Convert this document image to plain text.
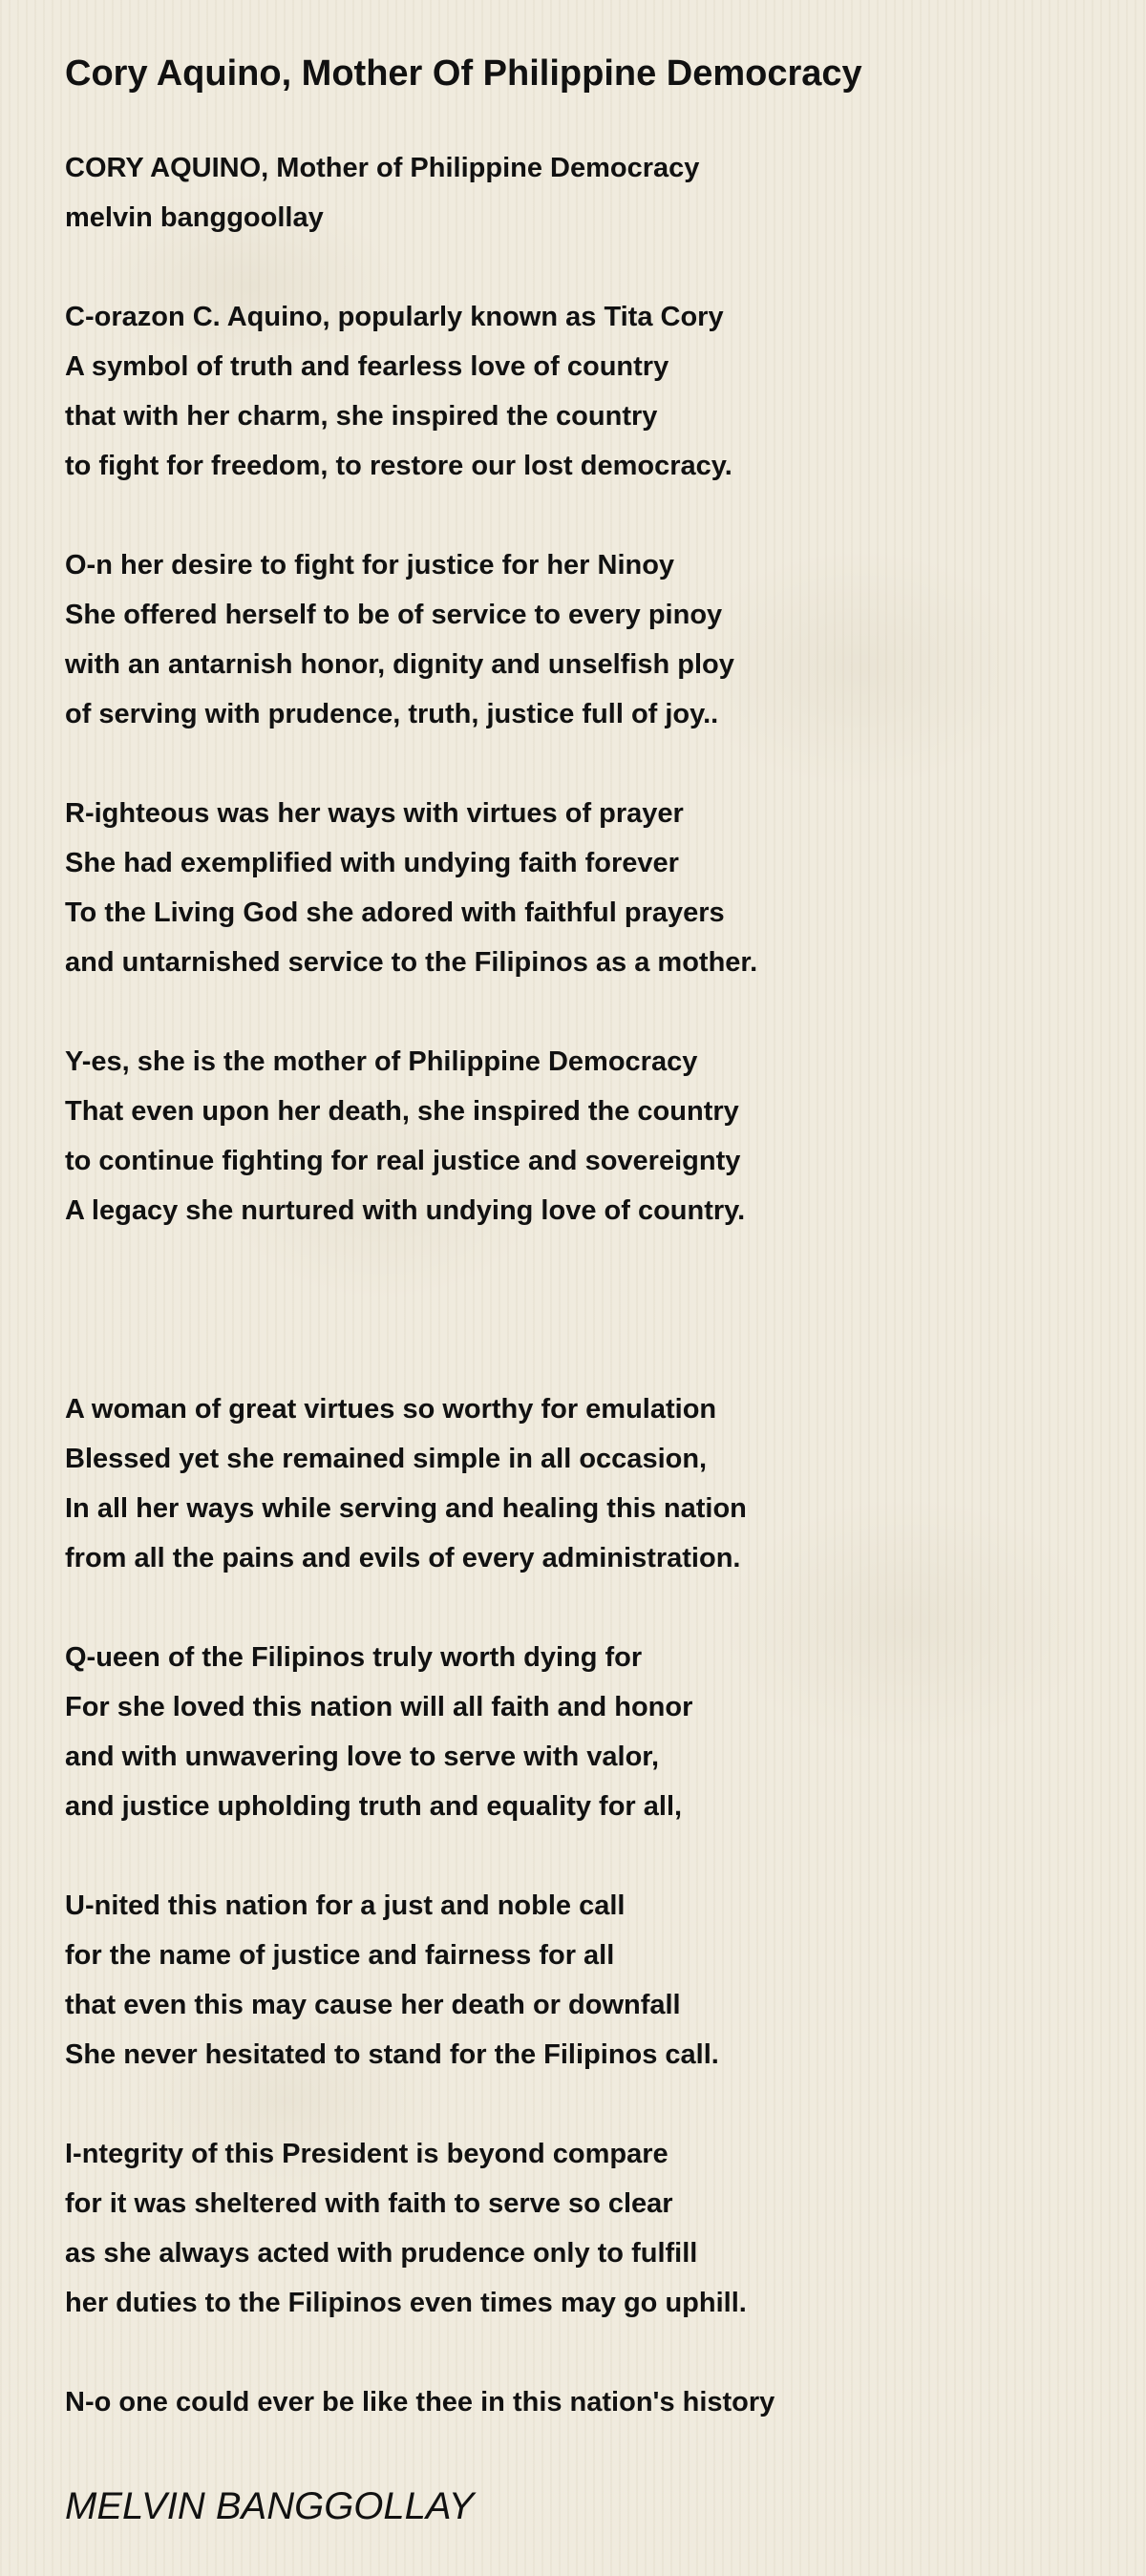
Cory Aquino, Mother Of Philippine Democracy
CORY AQUINO, Mother of Philippine Democracy
melvin banggoollay
C-orazon C. Aquino, popularly known as Tita Cory
A symbol of truth and fearless love of country
that with her charm, she inspired the country
to fight for freedom, to restore our lost democracy.
O-n her desire to fight for justice for her Ninoy
She offered herself to be of service to every pinoy
with an antarnish honor, dignity and unselfish ploy
of serving with prudence, truth, justice full of joy..
R-ighteous was her ways with virtues of prayer
She had exemplified with undying faith forever
To the Living God she adored with faithful prayers
and untarnished service to the Filipinos as a mother.
Y-es, she is the mother of Philippine Democracy
That even upon her death, she inspired the country
to continue fighting for real justice and sovereignty
A legacy she nurtured with undying love of country.
A woman of great virtues so worthy for emulation
Blessed yet she remained simple in all occasion,
In all her ways while serving and healing this nation
from all the pains and evils of every administration.
Q-ueen of the Filipinos truly worth dying for
For she loved this nation will all faith and honor
and with unwavering love to serve with valor,
and justice upholding truth and equality for all,
U-nited this nation for a just and noble call
for the name of justice and fairness for all
that even this may cause her death or downfall
She never hesitated to stand for the Filipinos call.
I-ntegrity of this President is beyond compare
for it was sheltered with faith to serve so clear
as she always acted with prudence only to fulfill
her duties to the Filipinos even times may go uphill.
N-o one could ever be like thee in this nation's history
MELVIN BANGGOLLAY
